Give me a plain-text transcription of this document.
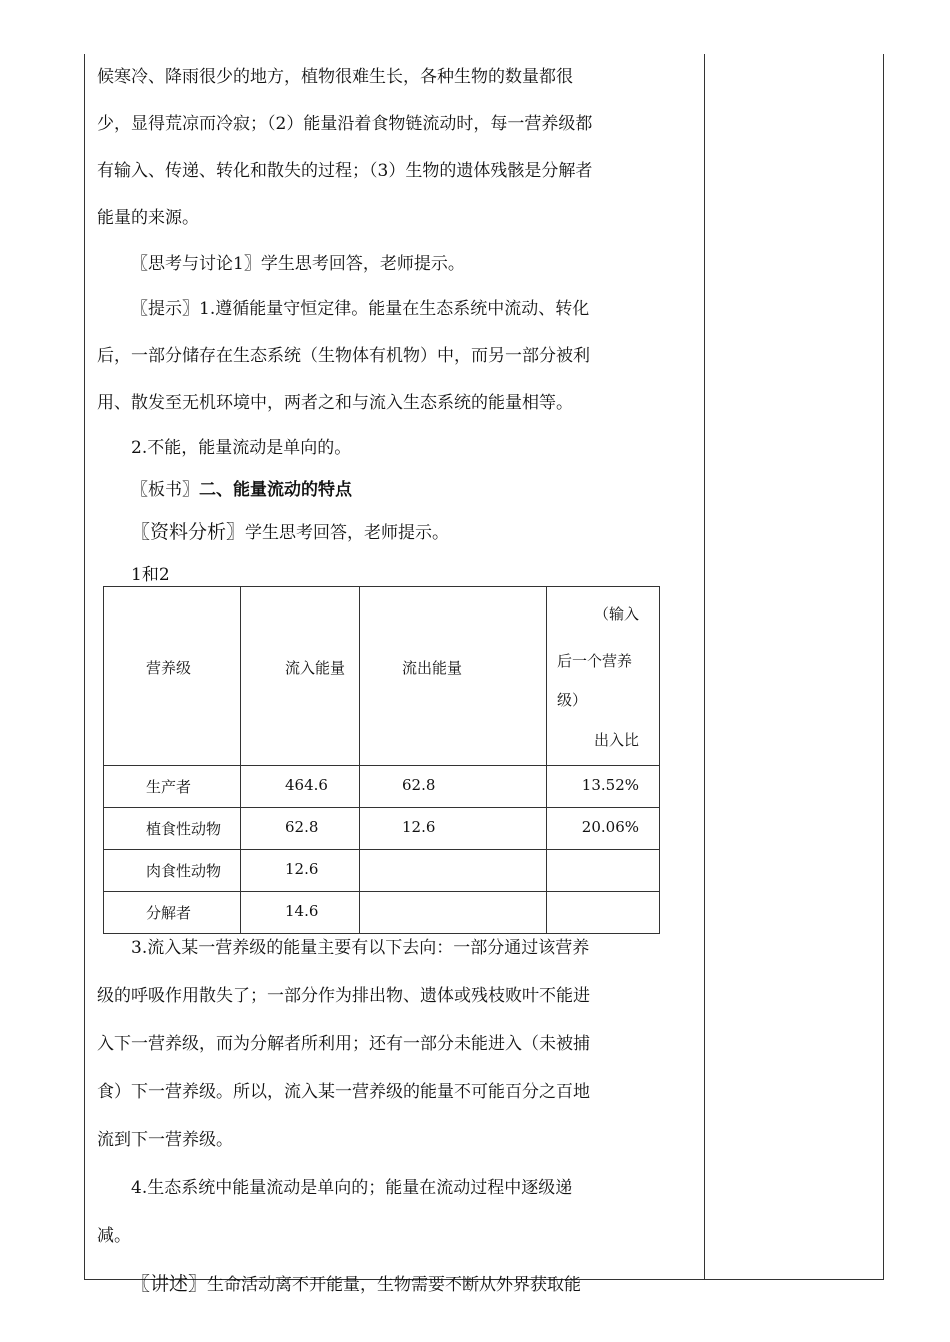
候寒冷、降雨很少的地方，植物很难生长，各种生物的数量都很

少，显得荒凉而冷寂；（2）能量沿着食物链流动时，每一营养级都

有输入、传递、转化和散失的过程；（3）生物的遗体残骸是分解者

能量的来源。

〖思考与讨论1〗学生思考回答，老师提示。

〖提示〗1.遵循能量守恒定律。能量在生态系统中流动、转化

后，一部分储存在生态系统（生物体有机物）中，而另一部分被利

用、散发至无机环境中，两者之和与流入生态系统的能量相等。

2.不能，能量流动是单向的。

〖板书〗二、能量流动的特点

〖资料分析〗学生思考回答，老师提示。

1和2

营养级	流入能量	流出能量	（输入
后一个营养
级）
出入比

生产者	464.6	62.8	13.52%

植食性动物	62.8	12.6	20.06%

肉食性动物	12.6		

分解者	14.6		

3.流入某一营养级的能量主要有以下去向：一部分通过该营养

级的呼吸作用散失了；一部分作为排出物、遗体或残枝败叶不能进

入下一营养级，而为分解者所利用；还有一部分未能进入（未被捕

食）下一营养级。所以，流入某一营养级的能量不可能百分之百地

流到下一营养级。

4.生态系统中能量流动是单向的；能量在流动过程中逐级递

减。

〖讲述〗生命活动离不开能量，生物需要不断从外界获取能
